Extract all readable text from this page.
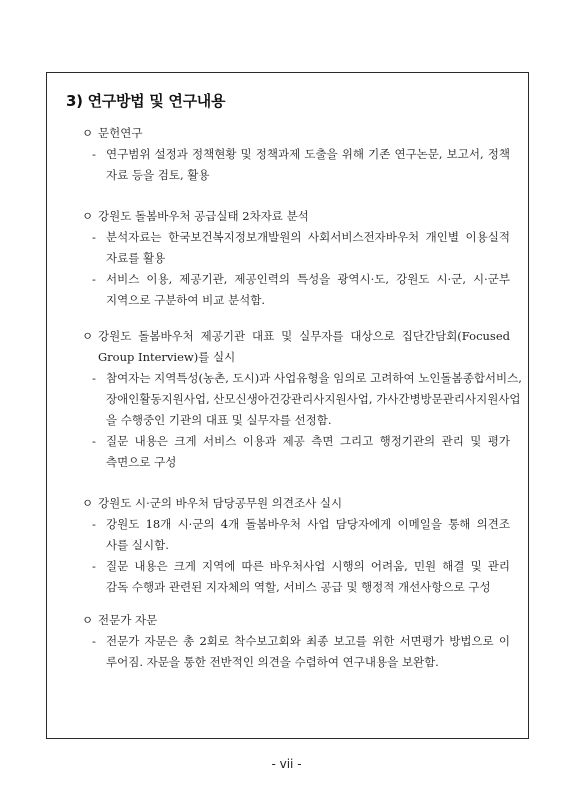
3) 연구방법 및 연구내용
ㅇ 문헌연구
- 연구범위 설정과 정책현황 및 정책과제 도출을 위해 기존 연구논문, 보고서, 정책
자료 등을 검토, 활용
ㅇ 강원도 돌봄바우처 공급실태 2차자료 분석
- 분석자료는 한국보건복지정보개발원의 사회서비스전자바우처 개인별 이용실적
자료를 활용
- 서비스 이용, 제공기관, 제공인력의 특성을 광역시·도, 강원도 시·군, 시·군부
지역으로 구분하여 비교 분석함.
ㅇ 강원도 돌봄바우처 제공기관 대표 및 실무자를 대상으로 집단간담회(Focused
Group Interview)를 실시
- 참여자는 지역특성(농촌, 도시)과 사업유형을 임의로 고려하여 노인돌봄종합서비스,
장애인활동지원사업, 산모신생아건강관리사지원사업, 가사간병방문관리사지원사업
을 수행중인 기관의 대표 및 실무자를 선정함.
- 질문 내용은 크게 서비스 이용과 제공 측면 그리고 행정기관의 관리 및 평가
측면으로 구성
ㅇ 강원도 시·군의 바우처 담당공무원 의견조사 실시
- 강원도 18개 시·군의 4개 돌봄바우처 사업 담당자에게 이메일을 통해 의견조
사를 실시함.
- 질문 내용은 크게 지역에 따른 바우처사업 시행의 어려움, 민원 해결 및 관리
감독 수행과 관련된 지자체의 역할, 서비스 공급 및 행정적 개선사항으로 구성
ㅇ 전문가 자문
- 전문가 자문은 총 2회로 착수보고회와 최종 보고를 위한 서면평가 방법으로 이
루어짐. 자문을 통한 전반적인 의견을 수렴하여 연구내용을 보완함.
- vii -
